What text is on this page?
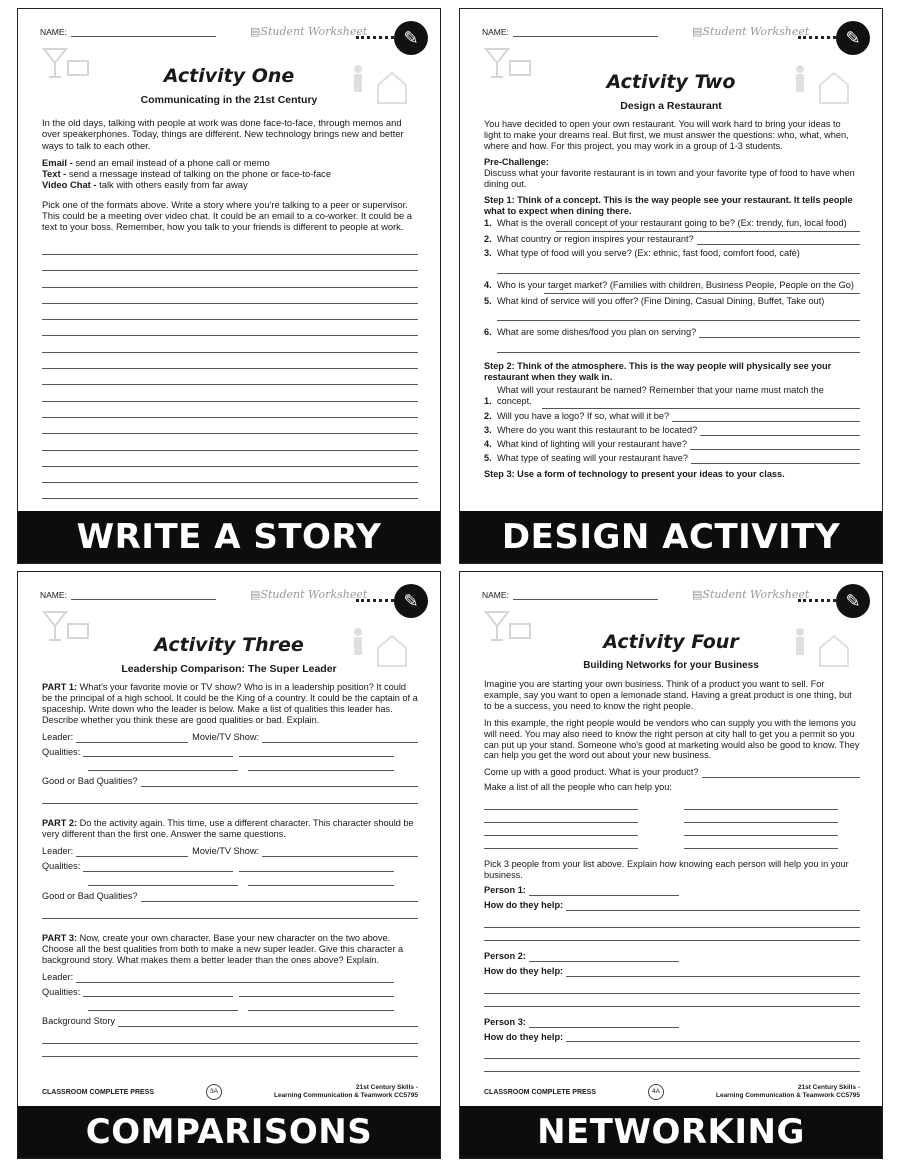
NAME:	▤ Student Worksheet	✎
Activity One
Communicating in the 21st Century

In the old days, talking with people at work was done face-to-face, through memos and over speakerphones. Today, things are different. New technology brings new and better ways to talk to each other.

Email - send an email instead of a phone call or memo
Text - send a message instead of talking on the phone or face-to-face
Video Chat - talk with others easily from far away

Pick one of the formats above. Write a story where you're talking to a peer or supervisor. This could be a meeting over video chat. It could be an email to a co-worker. It could be a text to your boss. Remember, how you talk to your friends is different to people at work.

WRITE A STORY
NAME:	▤ Student Worksheet	✎
Activity Two
Design a Restaurant

You have decided to open your own restaurant. You will work hard to bring your ideas to light to make your dreams real. But first, we must answer the questions: who, what, when, where and how. For this project, you may work in a group of 1-3 students.

Pre-Challenge:
Discuss what your favorite restaurant is in town and your favorite type of food to have when dining out.

Step 1: Think of a concept. This is the way people see your restaurant. It tells people what to expect when dining there.

1. What is the overall concept of your restaurant going to be? (Ex: trendy, fun, local food)
2. What country or region inspires your restaurant?
3. What type of food will you serve? (Ex: ethnic, fast food, comfort food, café)
4. Who is your target market? (Families with children, Business People, People on the Go)
5. What kind of service will you offer? (Fine Dining, Casual Dining, Buffet, Take out)
6. What are some dishes/food you plan on serving?

Step 2: Think of the atmosphere. This is the way people will physically see your restaurant when they walk in.

1.
What will your restaurant be named? Remember that your name must match the concept.
2. Will you have a logo? If so, what will it be?
3. Where do you want this restaurant to be located?
4. What kind of lighting will your restaurant have?
5. What type of seating will your restaurant have?

Step 3: Use a form of technology to present your ideas to your class.

DESIGN ACTIVITY
NAME:	▤ Student Worksheet	✎
Activity Three
Leadership Comparison: The Super Leader

PART 1: What's your favorite movie or TV show? Who is in a leadership position? It could be the principal of a high school. It could be the King of a country. It could be the captain of a spaceship. Write down who the leader is below. Make a list of qualities this leader has. Describe whether you think these are good qualities or bad. Explain.

Leader:	Movie/TV Show:
Qualities:
Good or Bad Qualities?

PART 2: Do the activity again. This time, use a different character. This character should be very different than the first one. Answer the same questions.

Leader:	Movie/TV Show:
Qualities:
Good or Bad Qualities?

PART 3: Now, create your own character. Base your new character on the two above. Choose all the best qualities from both to make a new super leader. Give this character a background story. What makes them a better leader than the ones above? Explain.

Leader:
Qualities:
Background Story
CLASSROOM COMPLETE PRESS	3A
21st Century Skills -
Learning Communication & Teamwork CC5795
COMPARISONS
NAME:	▤ Student Worksheet	✎
Activity Four
Building Networks for your Business

Imagine you are starting your own business. Think of a product you want to sell. For example, say you want to open a lemonade stand. Having a great product is one thing, but to be a success, you need to know the right people.

In this example, the right people would be vendors who can supply you with the lemons you will need. You may also need to know the right person at city hall to get you a permit so you can put up your stand. Someone who's good at marketing would also be good to know. They can help you get the word out about your new business.

Come up with a good product. What is your product?

Make a list of all the people who can help you:

Pick 3 people from your list above. Explain how knowing each person will help you in your business.

Person 1:
How do they help:
Person 2:
How do they help:
Person 3:
How do they help:
CLASSROOM COMPLETE PRESS	4A
21st Century Skills -
Learning Communication & Teamwork CC5795
NETWORKING
